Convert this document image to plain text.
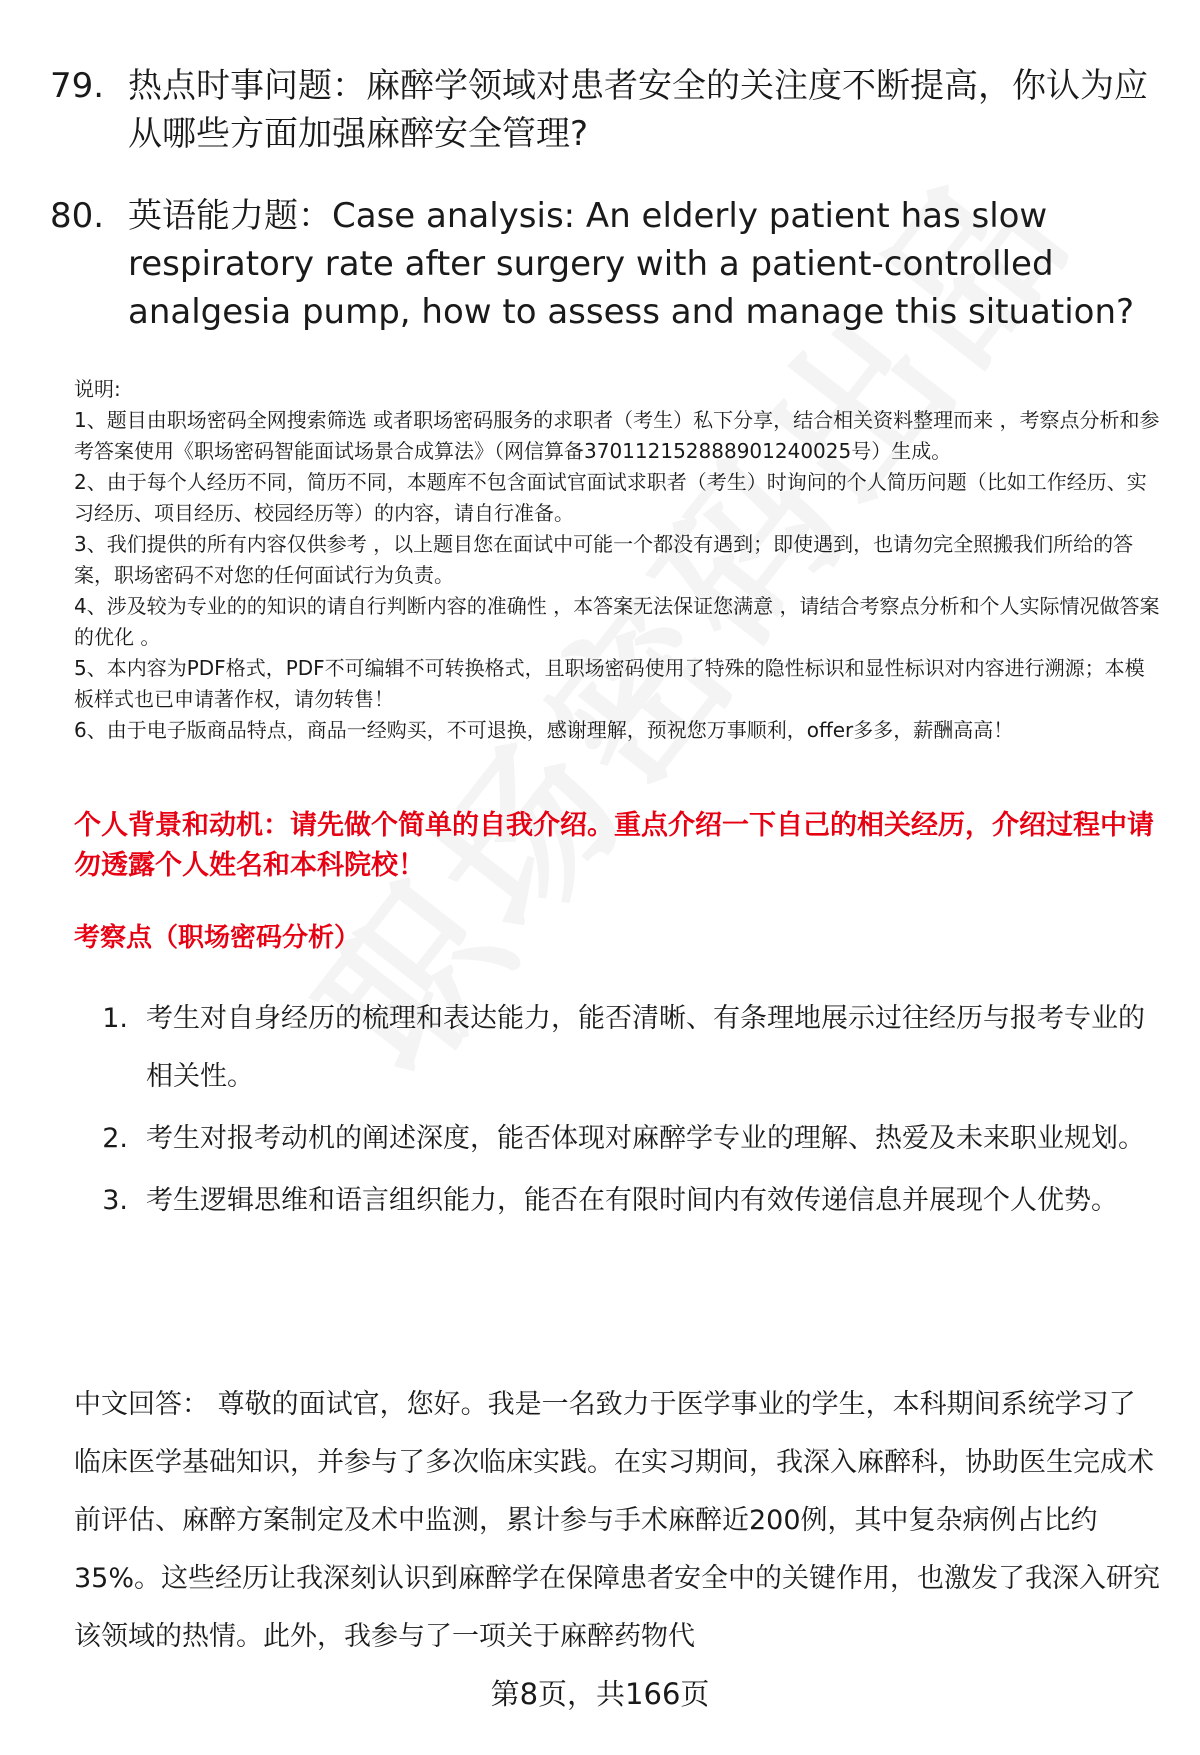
79. 热点时事问题：麻醉学领域对患者安全的关注度不断提高，你认为应从哪些方面加强麻醉安全管理?
80. 英语能力题：Case analysis: An elderly patient has slow respiratory rate after surgery with a patient-controlled analgesia pump, how to assess and manage this situation?

说明:

1、题目由职场密码全网搜索筛选 或者职场密码服务的求职者（考生）私下分享，结合相关资料整理而来 ，考察点分析和参考答案使用《职场密码智能面试场景合成算法》（网信算备370112152888901240025号）生成。

2、由于每个人经历不同，简历不同，本题库不包含面试官面试求职者（考生）时询问的个人简历问题（比如工作经历、实习经历、项目经历、校园经历等）的内容，请自行准备。

3、我们提供的所有内容仅供参考 ，以上题目您在面试中可能一个都没有遇到；即使遇到，也请勿完全照搬我们所给的答案，职场密码不对您的任何面试行为负责。

4、涉及较为专业的的知识的请自行判断内容的准确性 ，本答案无法保证您满意 ，请结合考察点分析和个人实际情况做答案的优化 。

5、本内容为PDF格式，PDF不可编辑不可转换格式，且职场密码使用了特殊的隐性标识和显性标识对内容进行溯源；本模板样式也已申请著作权，请勿转售！

6、由于电子版商品特点，商品一经购买，不可退换，感谢理解，预祝您万事顺利，offer多多，薪酬高高！

个人背景和动机：请先做个简单的自我介绍。重点介绍一下自己的相关经历，介绍过程中请勿透露个人姓名和本科院校！
考察点（职场密码分析）
1. 考生对自身经历的梳理和表达能力，能否清晰、有条理地展示过往经历与报考专业的相关性。
2. 考生对报考动机的阐述深度，能否体现对麻醉学专业的理解、热爱及未来职业规划。
3. 考生逻辑思维和语言组织能力，能否在有限时间内有效传递信息并展现个人优势。

中文回答： 尊敬的面试官，您好。我是一名致力于医学事业的学生，本科期间系统学习了临床医学基础知识，并参与了多次临床实践。在实习期间，我深入麻醉科，协助医生完成术前评估、麻醉方案制定及术中监测，累计参与手术麻醉近200例，其中复杂病例占比约35%。这些经历让我深刻认识到麻醉学在保障患者安全中的关键作用，也激发了我深入研究该领域的热情。此外，我参与了一项关于麻醉药物代

第8页，共166页
